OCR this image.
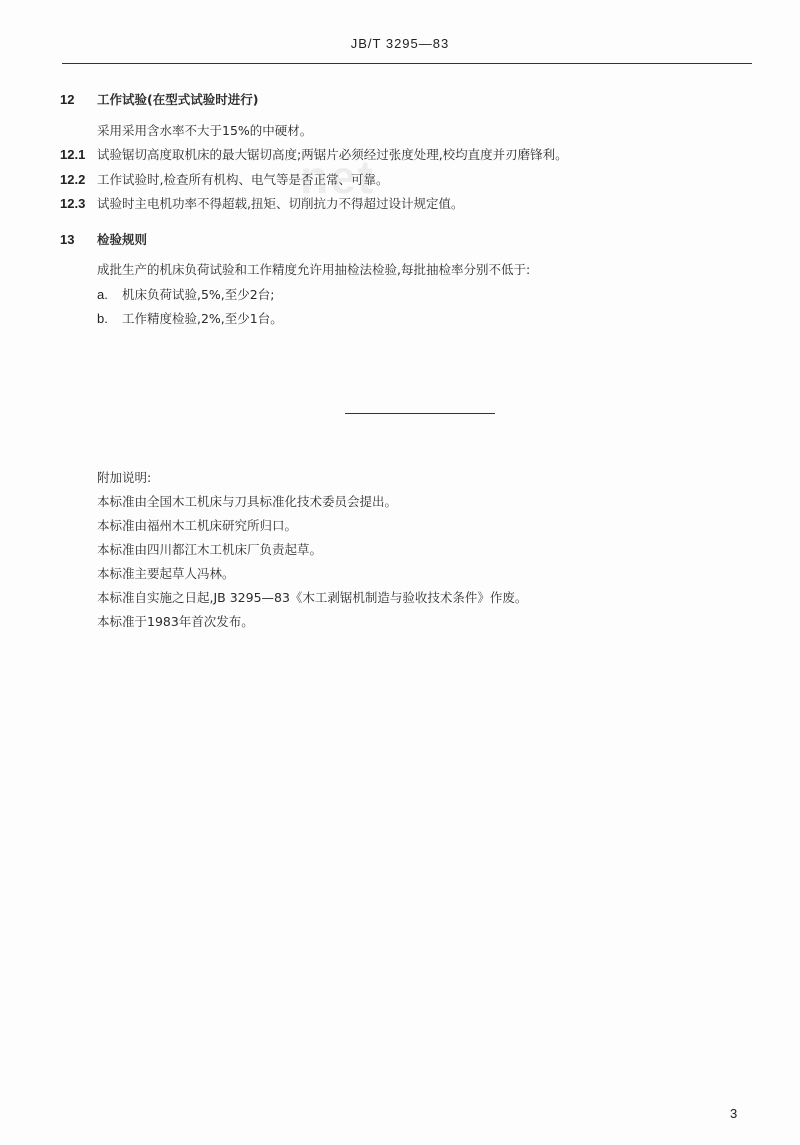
net
JB/T 3295—83
12 工作试验(在型式试验时进行)
采用采用含水率不大于15%的中硬材。
12.1 试验锯切高度取机床的最大锯切高度;两锯片必须经过张度处理,校均直度并刃磨锋利。
12.2 工作试验时,检查所有机构、电气等是否正常、可靠。
12.3 试验时主电机功率不得超载,扭矩、切削抗力不得超过设计规定值。
13 检验规则
成批生产的机床负荷试验和工作精度允许用抽检法检验,每批抽检率分别不低于:
a. 机床负荷试验,5%,至少2台;
b. 工作精度检验,2%,至少1台。
附加说明:
本标准由全国木工机床与刀具标准化技术委员会提出。
本标准由福州木工机床研究所归口。
本标准由四川都江木工机床厂负责起草。
本标准主要起草人冯林。
本标准自实施之日起,JB 3295—83《木工剥锯机制造与验收技术条件》作废。
本标准于1983年首次发布。
3
